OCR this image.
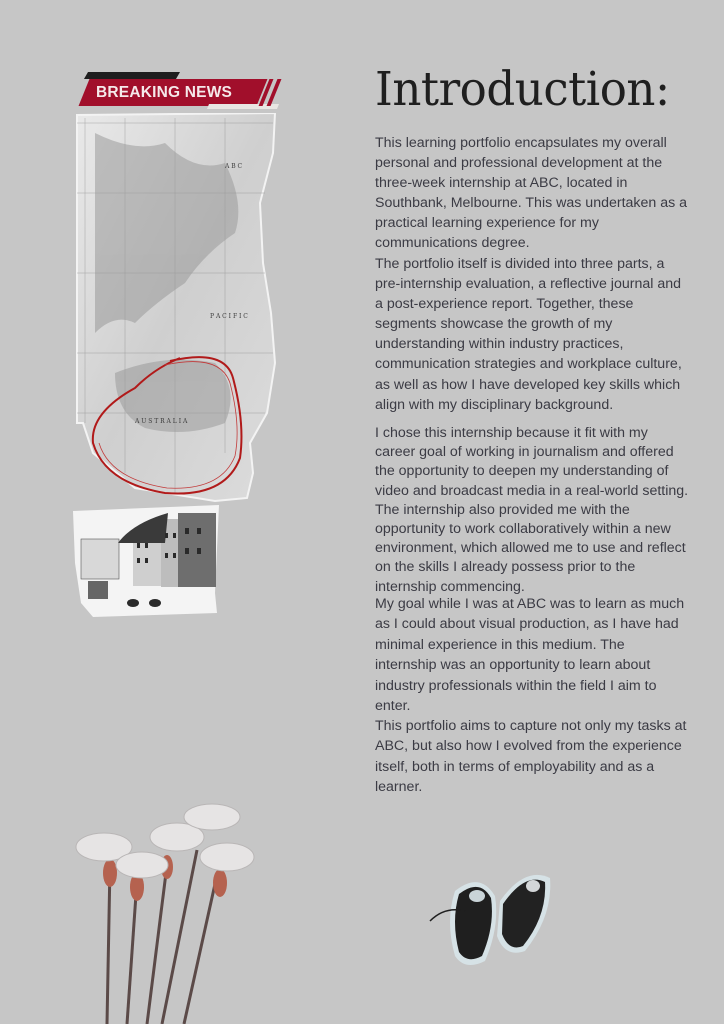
BREAKING NEWS
A B C
P A C I F I C
A U S T R A L I A
Introduction:

This learning portfolio encapsulates my overall personal and professional development at the three-week internship at ABC, located in Southbank, Melbourne. This was undertaken as a practical learning experience for my communications degree.

The portfolio itself is divided into three parts, a pre-internship evaluation, a reflective journal and a post-experience report. Together, these segments showcase the growth of my understanding within industry practices, communication strategies and workplace culture, as well as how I have developed key skills which align with my disciplinary background.

I chose this internship because it fit with my career goal of working in journalism and offered the opportunity to deepen my understanding of video and broadcast media in a real-world setting. The internship also provided me with the opportunity to work collaboratively within a new environment, which allowed me to use and reflect on the skills I already possess prior to the internship commencing.

My goal while I was at ABC was to learn as much as I could about visual production, as I have had minimal experience in this medium. The internship was an opportunity to learn about industry professionals within the field I aim to enter.

This portfolio aims to capture not only my tasks at ABC, but also how I evolved from the experience itself, both in terms of employability and as a learner.
